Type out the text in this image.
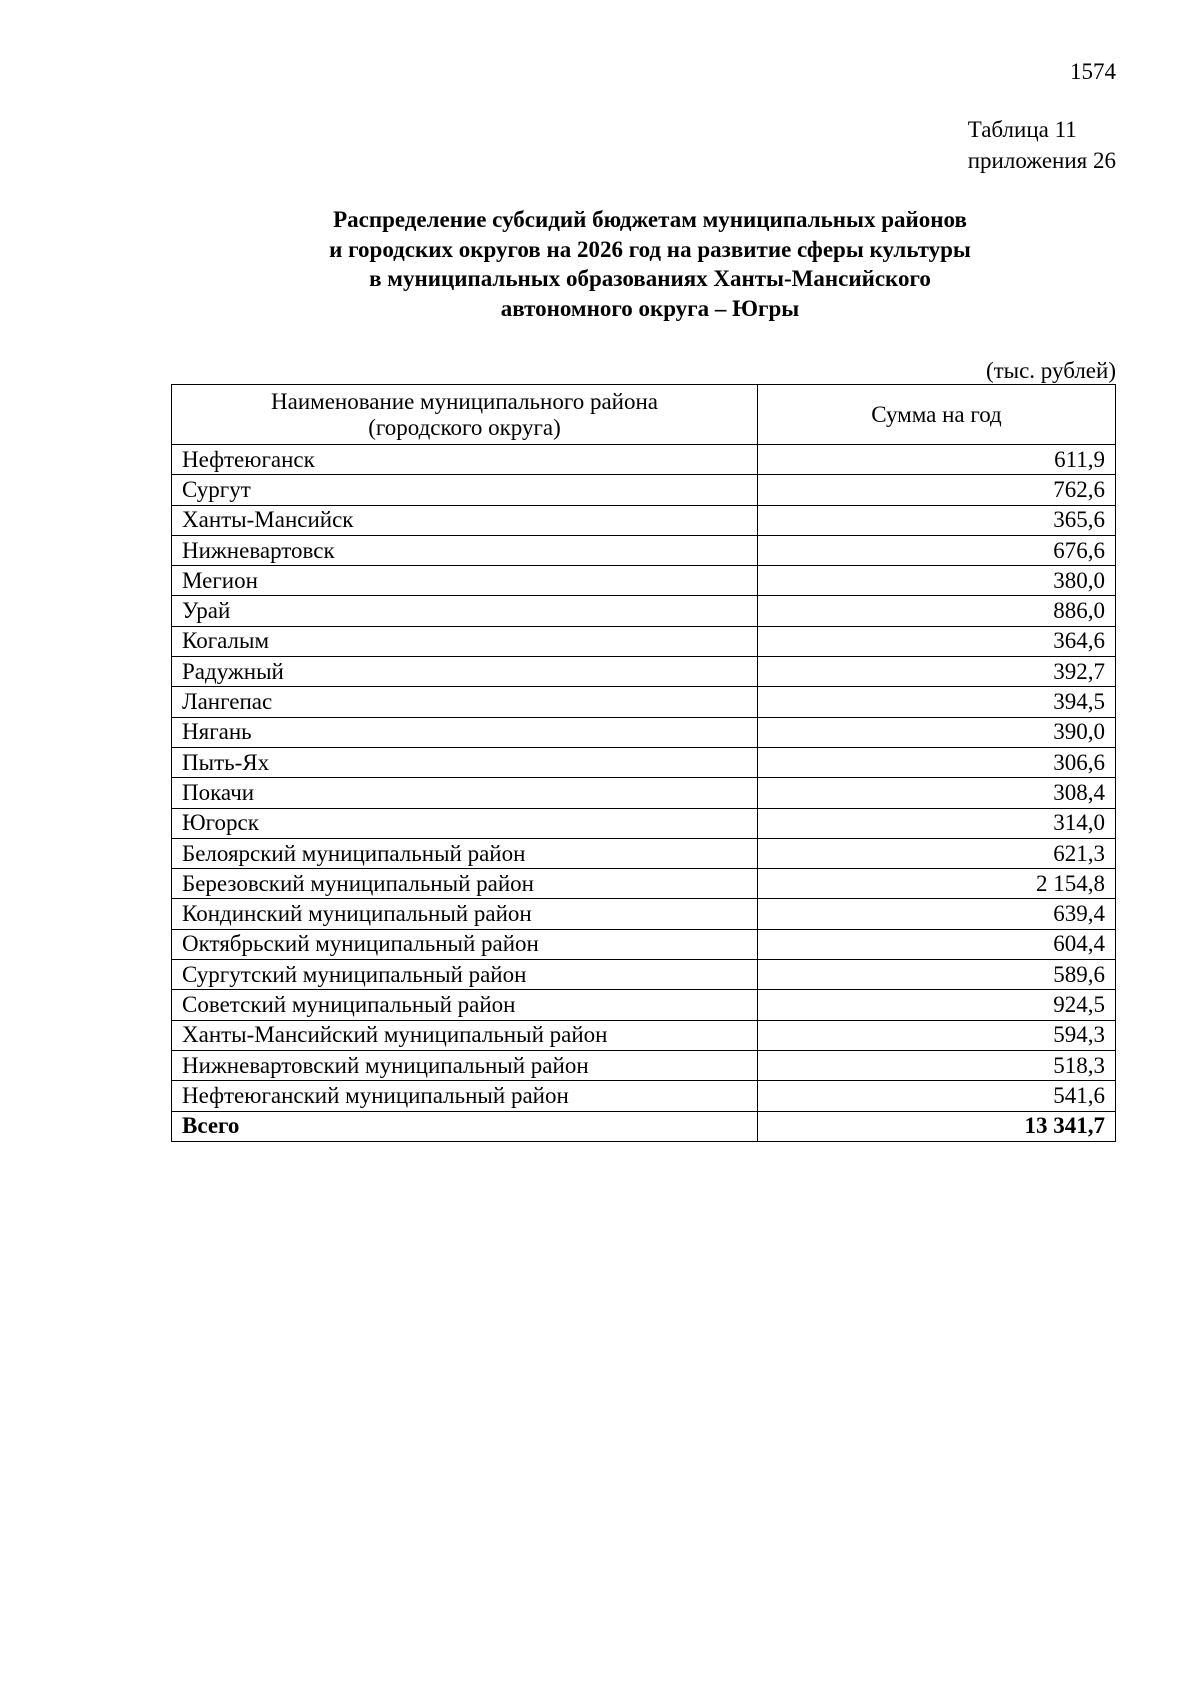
1574
Таблица 11
приложения 26
Распределение субсидий бюджетам муниципальных районов
и городских округов на 2026 год на развитие сферы культуры
в муниципальных образованиях Ханты-Мансийского
автономного округа – Югры
(тыс. рублей)
Наименование муниципального района
(городского округа)	Сумма на год
Нефтеюганск	611,9
Сургут	762,6
Ханты-Мансийск	365,6
Нижневартовск	676,6
Мегион	380,0
Урай	886,0
Когалым	364,6
Радужный	392,7
Лангепас	394,5
Нягань	390,0
Пыть-Ях	306,6
Покачи	308,4
Югорск	314,0
Белоярский муниципальный район	621,3
Березовский муниципальный район	2 154,8
Кондинский муниципальный район	639,4
Октябрьский муниципальный район	604,4
Сургутский муниципальный район	589,6
Советский муниципальный район	924,5
Ханты-Мансийский муниципальный район	594,3
Нижневартовский муниципальный район	518,3
Нефтеюганский муниципальный район	541,6
Всего	13 341,7
